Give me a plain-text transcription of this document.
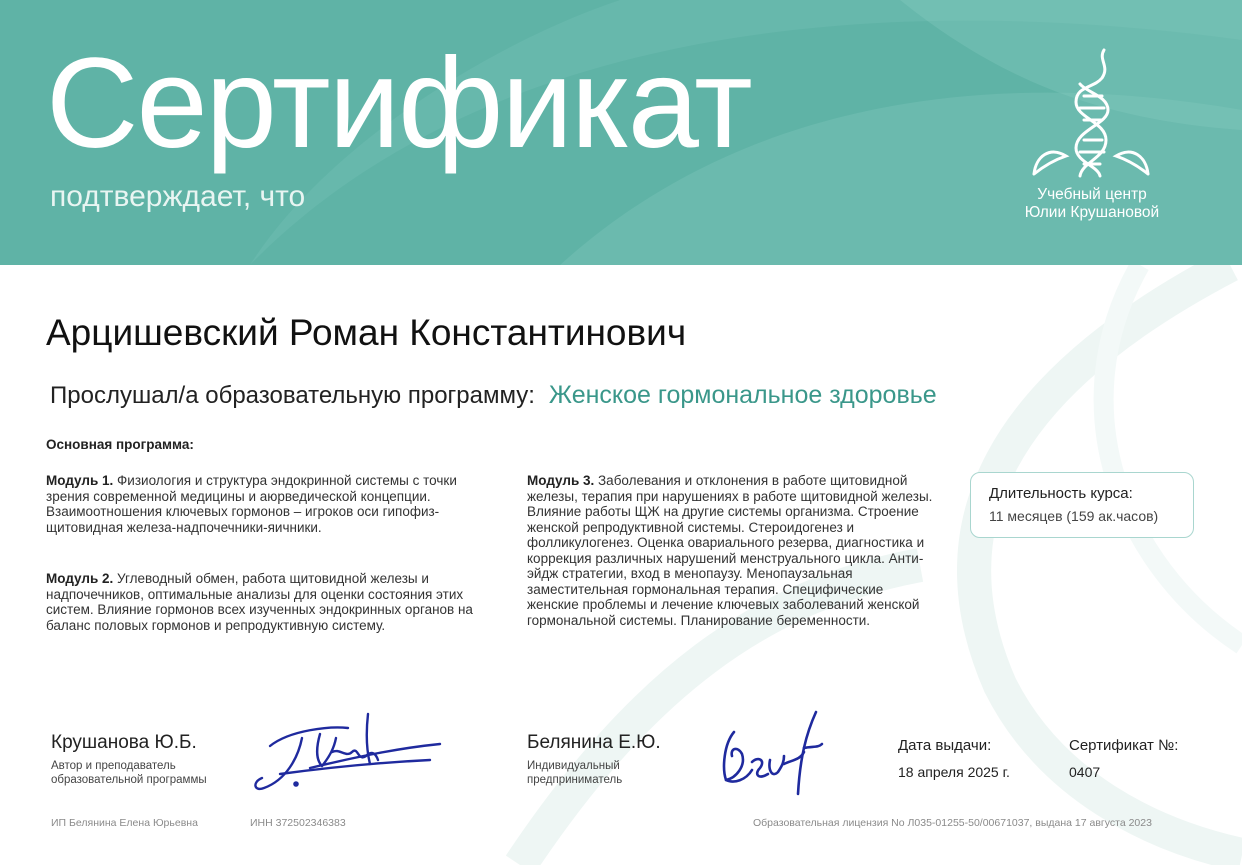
Сертификат
подтверждает, что	Учебный центр
Юлии Крушановой
Арцишевский Роман Константинович
Прослушал/а образовательную программу: Женское гормональное здоровье
Основная программа:
Модуль 1. Физиология и структура эндокринной системы с точки зрения современной медицины и аюрведической концепции. Взаимоотношения ключевых гормонов – игроков оси гипофиз-щитовидная железа-надпочечники-яичники.
Модуль 2. Углеводный обмен, работа щитовидной железы и надпочечников, оптимальные анализы для оценки состояния этих систем. Влияние гормонов всех изученных эндокринных органов на баланс половых гормонов и репродуктивную систему.
Модуль 3. Заболевания и отклонения в работе щитовидной железы, терапия при нарушениях в работе щитовидной железы. Влияние работы ЩЖ на другие системы организма. Строение женской репродуктивной системы. Стероидогенез и фолликулогенез. Оценка овариального резерва, диагностика и коррекция различных нарушений менструального цикла. Анти-эйдж стратегии, вход в менопаузу. Менопаузальная заместительная гормональная терапия. Специфические женские проблемы и лечение ключевых заболеваний женской гормональной системы. Планирование беременности.
Длительность курса:
11 месяцев (159 ак.часов)
Крушанова Ю.Б.
Автор и преподаватель образовательной программы
Белянина Е.Ю.
Индивидуальный предприниматель
Дата выдачи:
18 апреля 2025 г.
Сертификат №:
0407
ИП Белянина Елена Юрьевна	ИНН 372502346383	Образовательная лицензия No Л035-01255-50/00671037, выдана 17 августа 2023
